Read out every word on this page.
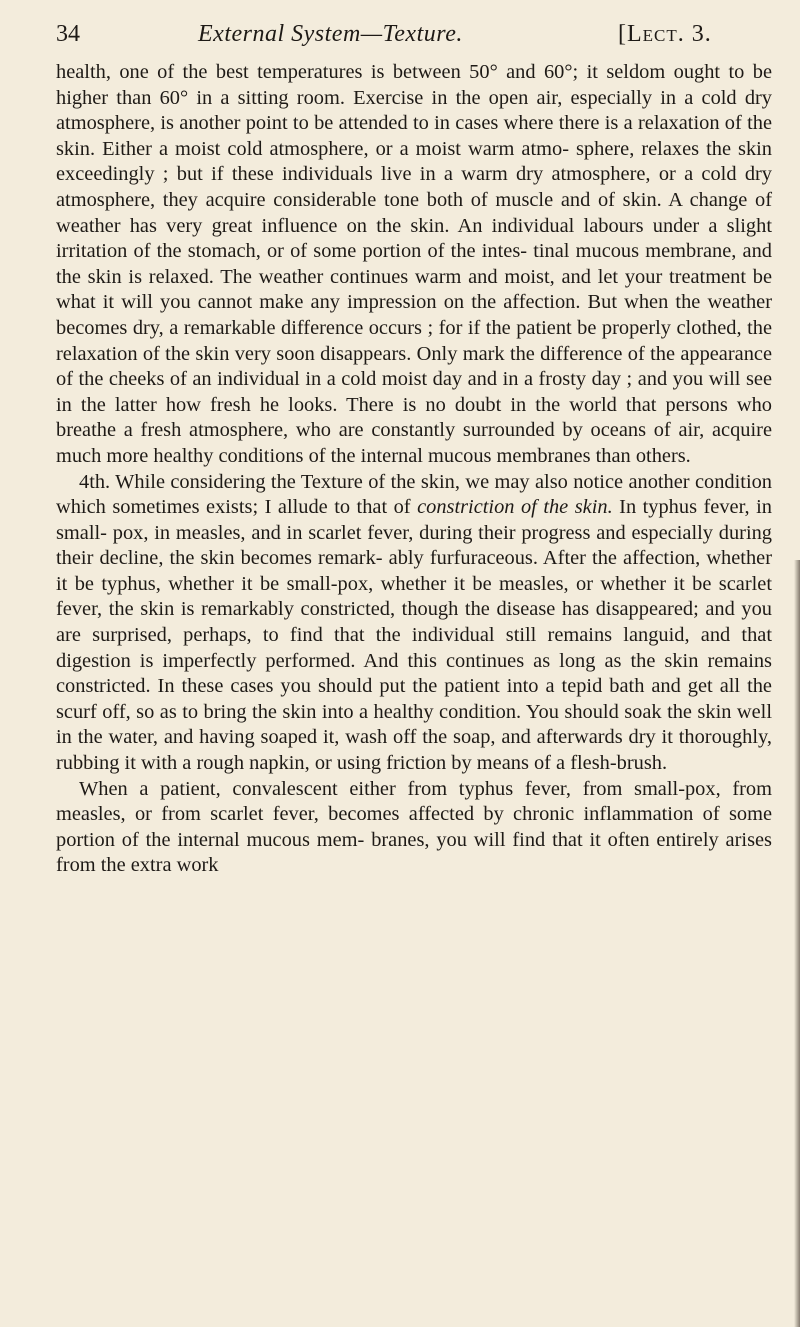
34	External System—Texture.	[Lect. 3.

health, one of the best temperatures is between 50° and 60°; it seldom ought to be higher than 60° in a sitting room. Exercise in the open air, especially in a cold dry atmosphere, is another point to be attended to in cases where there is a relaxation of the skin. Either a moist cold atmosphere, or a moist warm atmo- sphere, relaxes the skin exceedingly ; but if these individuals live in a warm dry atmosphere, or a cold dry atmosphere, they acquire considerable tone both of muscle and of skin. A change of weather has very great influence on the skin. An individual labours under a slight irritation of the stomach, or of some portion of the intes- tinal mucous membrane, and the skin is relaxed. The weather continues warm and moist, and let your treatment be what it will you cannot make any impression on the affection. But when the weather becomes dry, a remarkable difference occurs ; for if the patient be properly clothed, the relaxation of the skin very soon disappears. Only mark the difference of the appearance of the cheeks of an individual in a cold moist day and in a frosty day ; and you will see in the latter how fresh he looks. There is no doubt in the world that persons who breathe a fresh atmosphere, who are constantly surrounded by oceans of air, acquire much more healthy conditions of the internal mucous membranes than others.

4th. While considering the Texture of the skin, we may also notice another condition which sometimes exists; I allude to that of constriction of the skin. In typhus fever, in small- pox, in measles, and in scarlet fever, during their progress and especially during their decline, the skin becomes remark- ably furfuraceous. After the affection, whether it be typhus, whether it be small-pox, whether it be measles, or whether it be scarlet fever, the skin is remarkably constricted, though the disease has disappeared; and you are surprised, perhaps, to find that the individual still remains languid, and that digestion is imperfectly performed. And this continues as long as the skin remains constricted. In these cases you should put the patient into a tepid bath and get all the scurf off, so as to bring the skin into a healthy condition. You should soak the skin well in the water, and having soaped it, wash off the soap, and afterwards dry it thoroughly, rubbing it with a rough napkin, or using friction by means of a flesh-brush.

When a patient, convalescent either from typhus fever, from small-pox, from measles, or from scarlet fever, becomes affected by chronic inflammation of some portion of the internal mucous mem- branes, you will find that it often entirely arises from the extra work
